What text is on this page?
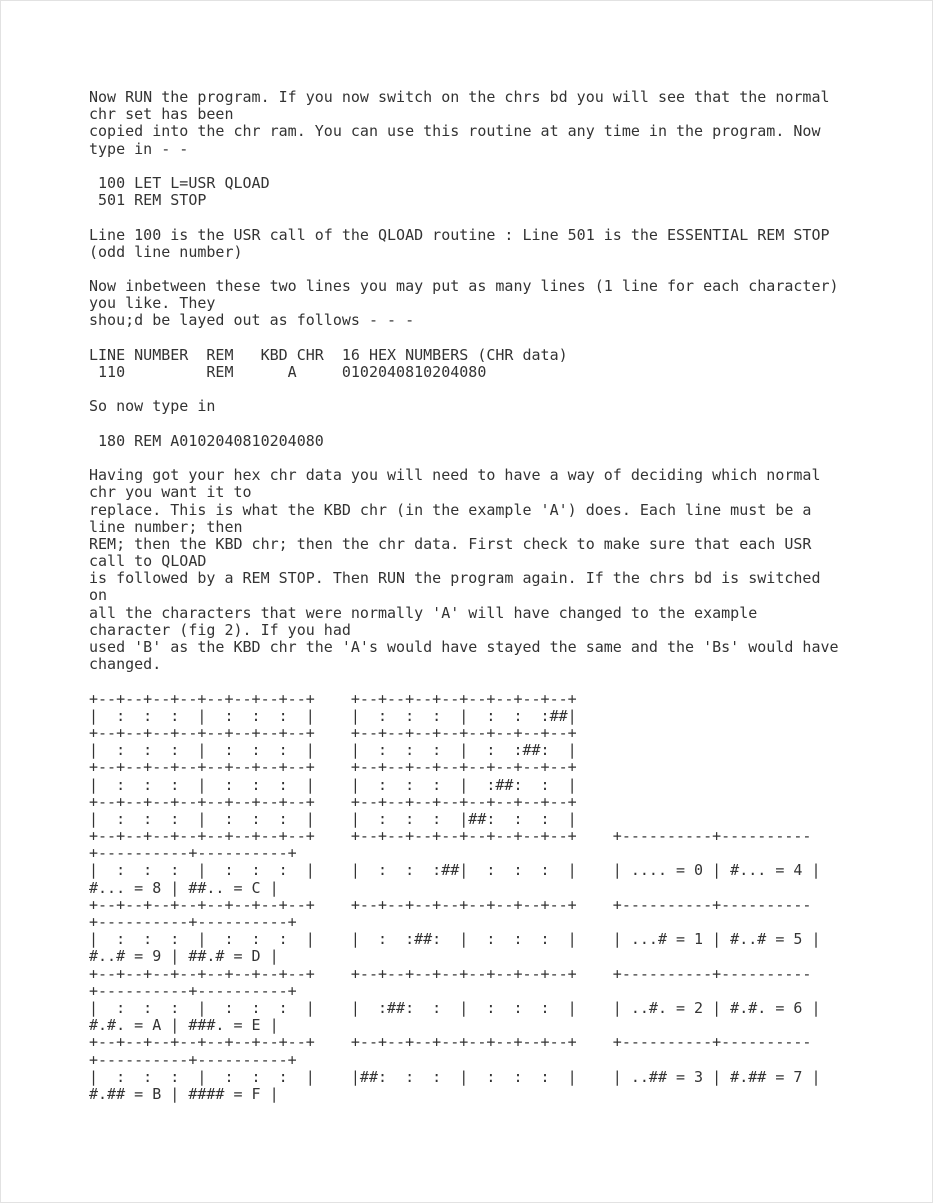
Now RUN the program. If you now switch on the chrs bd you will see that the normal
chr set has been
copied into the chr ram. You can use this routine at any time in the program. Now
type in - -
100 LET L=USR QLOAD
501 REM STOP
Line 100 is the USR call of the QLOAD routine : Line 501 is the ESSENTIAL REM STOP
(odd line number)
Now inbetween these two lines you may put as many lines (1 line for each character)
you like. They
shou;d be layed out as follows - - -
LINE NUMBER  REM   KBD CHR  16 HEX NUMBERS (CHR data)
110         REM      A     0102040810204080
So now type in
180 REM A0102040810204080
Having got your hex chr data you will need to have a way of deciding which normal
chr you want it to
replace. This is what the KBD chr (in the example 'A') does. Each line must be a
line number; then
REM; then the KBD chr; then the chr data. First check to make sure that each USR
call to QLOAD
is followed by a REM STOP. Then RUN the program again. If the chrs bd is switched
on
all the characters that were normally 'A' will have changed to the example
character (fig 2). If you had
used 'B' as the KBD chr the 'A's would have stayed the same and the 'Bs' would have
changed.
+--+--+--+--+--+--+--+--+    +--+--+--+--+--+--+--+--+
|  :  :  :  |  :  :  :  |    |  :  :  :  |  :  :  :##|
+--+--+--+--+--+--+--+--+    +--+--+--+--+--+--+--+--+
|  :  :  :  |  :  :  :  |    |  :  :  :  |  :  :##:  |
+--+--+--+--+--+--+--+--+    +--+--+--+--+--+--+--+--+
|  :  :  :  |  :  :  :  |    |  :  :  :  |  :##:  :  |
+--+--+--+--+--+--+--+--+    +--+--+--+--+--+--+--+--+
|  :  :  :  |  :  :  :  |    |  :  :  :  |##:  :  :  |
+--+--+--+--+--+--+--+--+    +--+--+--+--+--+--+--+--+    +----------+----------
+----------+----------+
|  :  :  :  |  :  :  :  |    |  :  :  :##|  :  :  :  |    | .... = 0 | #... = 4 |
#... = 8 | ##.. = C |
+--+--+--+--+--+--+--+--+    +--+--+--+--+--+--+--+--+    +----------+----------
+----------+----------+
|  :  :  :  |  :  :  :  |    |  :  :##:  |  :  :  :  |    | ...# = 1 | #..# = 5 |
#..# = 9 | ##.# = D |
+--+--+--+--+--+--+--+--+    +--+--+--+--+--+--+--+--+    +----------+----------
+----------+----------+
|  :  :  :  |  :  :  :  |    |  :##:  :  |  :  :  :  |    | ..#. = 2 | #.#. = 6 |
#.#. = A | ###. = E |
+--+--+--+--+--+--+--+--+    +--+--+--+--+--+--+--+--+    +----------+----------
+----------+----------+
|  :  :  :  |  :  :  :  |    |##:  :  :  |  :  :  :  |    | ..## = 3 | #.## = 7 |
#.## = B | #### = F |
